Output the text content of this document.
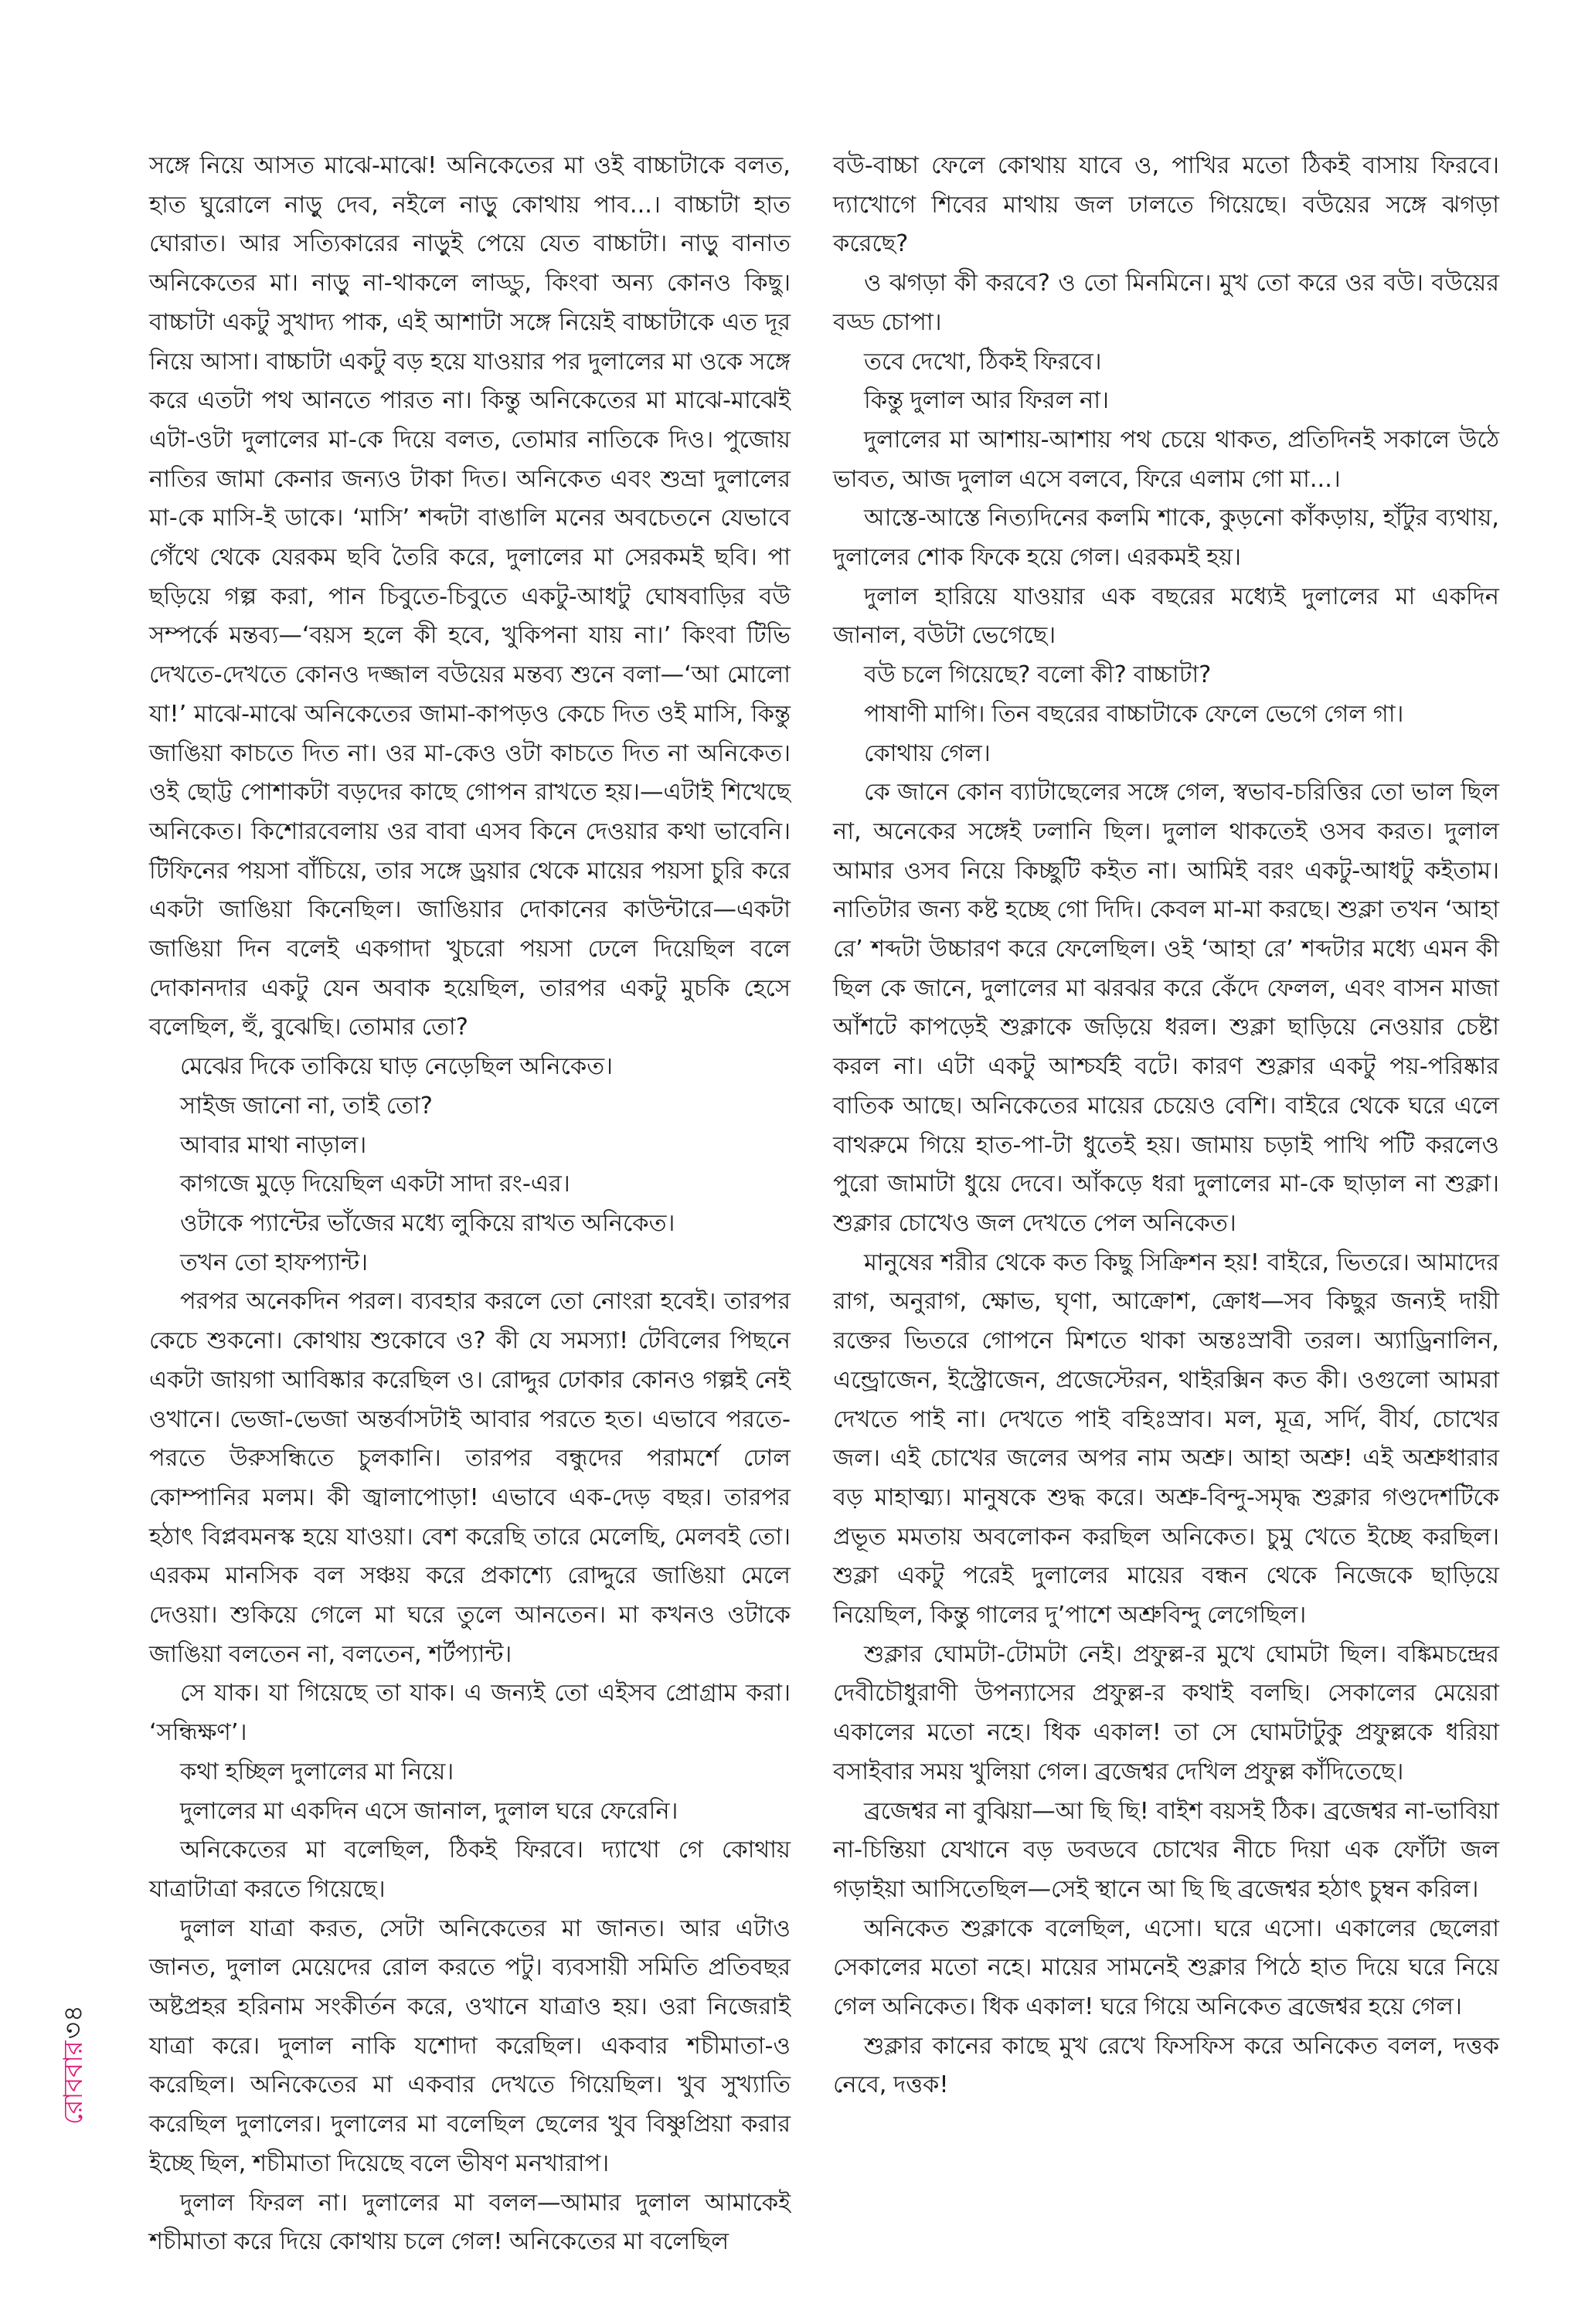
সঙ্গে নিয়ে আসত মাঝে-মাঝে! অনিকেতের মা ওই বাচ্চাটাকে বলত, হাত ঘুরোলে নাড়ু দেব, নইলে নাড়ু কোথায় পাব...। বাচ্চাটা হাত ঘোরাত। আর সত্যিকারের নাড়ুই পেয়ে যেত বাচ্চাটা। নাড়ু বানাত অনিকেতের মা। নাড়ু না-থাকলে লাড্ডু, কিংবা অন্য কোনও কিছু। বাচ্চাটা একটু সুখাদ্য পাক, এই আশাটা সঙ্গে নিয়েই বাচ্চাটাকে এত দূর নিয়ে আসা। বাচ্চাটা একটু বড় হয়ে যাওয়ার পর দুলালের মা ওকে সঙ্গে করে এতটা পথ আনতে পারত না। কিন্তু অনিকেতের মা মাঝে-মাঝেই এটা-ওটা দুলালের মা-কে দিয়ে বলত, তোমার নাতিকে দিও। পুজোয় নাতির জামা কেনার জন্যও টাকা দিত। অনিকেত এবং শুভ্রা দুলালের মা-কে মাসি-ই ডাকে। ‘মাসি’ শব্দটা বাঙালি মনের অবচেতনে যেভাবে গেঁথে থেকে যেরকম ছবি তৈরি করে, দুলালের মা সেরকমই ছবি। পা ছড়িয়ে গল্প করা, পান চিবুতে-চিবুতে একটু-আধটু ঘোষবাড়ির বউ সম্পর্কে মন্তব্য—‘বয়স হলে কী হবে, খুকিপনা যায় না।’ কিংবা টিভি দেখতে-দেখতে কোনও দজ্জাল বউয়ের মন্তব্য শুনে বলা—‘আ মোলো যা!’ মাঝে-মাঝে অনিকেতের জামা-কাপড়ও কেচে দিত ওই মাসি, কিন্তু জাঙিয়া কাচতে দিত না। ওর মা-কেও ওটা কাচতে দিত না অনিকেত। ওই ছোট্ট পোশাকটা বড়দের কাছে গোপন রাখতে হয়।—এটাই শিখেছে অনিকেত। কিশোরবেলায় ওর বাবা এসব কিনে দেওয়ার কথা ভাবেনি। টিফিনের পয়সা বাঁচিয়ে, তার সঙ্গে ড্রয়ার থেকে মায়ের পয়সা চুরি করে একটা জাঙিয়া কিনেছিল। জাঙিয়ার দোকানের কাউন্টারে—একটা জাঙিয়া দিন বলেই একগাদা খুচরো পয়সা ঢেলে দিয়েছিল বলে দোকানদার একটু যেন অবাক হয়েছিল, তারপর একটু মুচকি হেসে বলেছিল, হুঁ, বুঝেছি। তোমার তো?

মেঝের দিকে তাকিয়ে ঘাড় নেড়েছিল অনিকেত।

সাইজ জানো না, তাই তো?

আবার মাথা নাড়াল।

কাগজে মুড়ে দিয়েছিল একটা সাদা রং-এর।

ওটাকে প্যান্টের ভাঁজের মধ্যে লুকিয়ে রাখত অনিকেত।

তখন তো হাফপ্যান্ট।

পরপর অনেকদিন পরল। ব্যবহার করলে তো নোংরা হবেই। তারপর কেচে শুকনো। কোথায় শুকোবে ও? কী যে সমস্যা! টেবিলের পিছনে একটা জায়গা আবিষ্কার করেছিল ও। রোদ্দুর ঢোকার কোনও গল্পই নেই ওখানে। ভেজা-ভেজা অন্তর্বাসটাই আবার পরতে হত। এভাবে পরতে-পরতে উরুসন্ধিতে চুলকানি। তারপর বন্ধুদের পরামর্শে ঢোল কোম্পানির মলম। কী জ্বালাপোড়া! এভাবে এক-দেড় বছর। তারপর হঠাৎ বিপ্লবমনস্ক হয়ে যাওয়া। বেশ করেছি তারে মেলেছি, মেলবই তো। এরকম মানসিক বল সঞ্চয় করে প্রকাশ্যে রোদ্দুরে জাঙিয়া মেলে দেওয়া। শুকিয়ে গেলে মা ঘরে তুলে আনতেন। মা কখনও ওটাকে জাঙিয়া বলতেন না, বলতেন, শর্টপ্যান্ট।

সে যাক। যা গিয়েছে তা যাক। এ জন্যই তো এইসব প্রোগ্রাম করা। ‘সন্ধিক্ষণ’।

কথা হচ্ছিল দুলালের মা নিয়ে।

দুলালের মা একদিন এসে জানাল, দুলাল ঘরে ফেরেনি।

অনিকেতের মা বলেছিল, ঠিকই ফিরবে। দ্যাখো গে কোথায় যাত্রাটাত্রা করতে গিয়েছে।

দুলাল যাত্রা করত, সেটা অনিকেতের মা জানত। আর এটাও জানত, দুলাল মেয়েদের রোল করতে পটু। ব্যবসায়ী সমিতি প্রতিবছর অষ্টপ্রহর হরিনাম সংকীর্তন করে, ওখানে যাত্রাও হয়। ওরা নিজেরাই যাত্রা করে। দুলাল নাকি যশোদা করেছিল। একবার শচীমাতা-ও করেছিল। অনিকেতের মা একবার দেখতে গিয়েছিল। খুব সুখ্যাতি করেছিল দুলালের। দুলালের মা বলেছিল ছেলের খুব বিষ্ণুপ্রিয়া করার ইচ্ছে ছিল, শচীমাতা দিয়েছে বলে ভীষণ মনখারাপ।

দুলাল ফিরল না। দুলালের মা বলল—আমার দুলাল আমাকেই শচীমাতা করে দিয়ে কোথায় চলে গেল! অনিকেতের মা বলেছিল

বউ-বাচ্চা ফেলে কোথায় যাবে ও, পাখির মতো ঠিকই বাসায় ফিরবে। দ্যাখোগে শিবের মাথায় জল ঢালতে গিয়েছে। বউয়ের সঙ্গে ঝগড়া করেছে?

ও ঝগড়া কী করবে? ও তো মিনমিনে। মুখ তো করে ওর বউ। বউয়ের বড্ড চোপা।

তবে দেখো, ঠিকই ফিরবে।

কিন্তু দুলাল আর ফিরল না।

দুলালের মা আশায়-আশায় পথ চেয়ে থাকত, প্রতিদিনই সকালে উঠে ভাবত, আজ দুলাল এসে বলবে, ফিরে এলাম গো মা...।

আস্তে-আস্তে নিত্যদিনের কলমি শাকে, কুড়নো কাঁকড়ায়, হাঁটুর ব্যথায়, দুলালের শোক ফিকে হয়ে গেল। এরকমই হয়।

দুলাল হারিয়ে যাওয়ার এক বছরের মধ্যেই দুলালের মা একদিন জানাল, বউটা ভেগেছে।

বউ চলে গিয়েছে? বলো কী? বাচ্চাটা?

পাষাণী মাগি। তিন বছরের বাচ্চাটাকে ফেলে ভেগে গেল গা।

কোথায় গেল।

কে জানে কোন ব্যাটাছেলের সঙ্গে গেল, স্বভাব-চরিত্তির তো ভাল ছিল না, অনেকের সঙ্গেই ঢলানি ছিল। দুলাল থাকতেই ওসব করত। দুলাল আমার ওসব নিয়ে কিচ্ছুটি কইত না। আমিই বরং একটু-আধটু কইতাম। নাতিটার জন্য কষ্ট হচ্ছে গো দিদি। কেবল মা-মা করছে। শুক্লা তখন ‘আহা রে’ শব্দটা উচ্চারণ করে ফেলেছিল। ওই ‘আহা রে’ শব্দটার মধ্যে এমন কী ছিল কে জানে, দুলালের মা ঝরঝর করে কেঁদে ফেলল, এবং বাসন মাজা আঁশটে কাপড়েই শুক্লাকে জড়িয়ে ধরল। শুক্লা ছাড়িয়ে নেওয়ার চেষ্টা করল না। এটা একটু আশ্চর্যই বটে। কারণ শুক্লার একটু পয়-পরিষ্কার বাতিক আছে। অনিকেতের মায়ের চেয়েও বেশি। বাইরে থেকে ঘরে এলে বাথরুমে গিয়ে হাত-পা-টা ধুতেই হয়। জামায় চড়াই পাখি পটি করলেও পুরো জামাটা ধুয়ে দেবে। আঁকড়ে ধরা দুলালের মা-কে ছাড়াল না শুক্লা। শুক্লার চোখেও জল দেখতে পেল অনিকেত।

মানুষের শরীর থেকে কত কিছু সিক্রিশন হয়! বাইরে, ভিতরে। আমাদের রাগ, অনুরাগ, ক্ষোভ, ঘৃণা, আক্রোশ, ক্রোধ—সব কিছুর জন্যই দায়ী রক্তের ভিতরে গোপনে মিশতে থাকা অন্তঃস্রাবী তরল। অ্যাড্রিনালিন, এন্ড্রোজেন, ইস্ট্রোজেন, প্রজেস্টেরন, থাইরক্সিন কত কী। ওগুলো আমরা দেখতে পাই না। দেখতে পাই বহিঃস্রাব। মল, মূত্র, সর্দি, বীর্য, চোখের জল। এই চোখের জলের অপর নাম অশ্রু। আহা অশ্রু! এই অশ্রুধারার বড় মাহাত্ম্য। মানুষকে শুদ্ধ করে। অশ্রু-বিন্দু-সমৃদ্ধ শুক্লার গণ্ডদেশটিকে প্রভূত মমতায় অবলোকন করছিল অনিকেত। চুমু খেতে ইচ্ছে করছিল। শুক্লা একটু পরেই দুলালের মায়ের বন্ধন থেকে নিজেকে ছাড়িয়ে নিয়েছিল, কিন্তু গালের দু’পাশে অশ্রুবিন্দু লেগেছিল।

শুক্লার ঘোমটা-টোমটা নেই। প্রফুল্ল-র মুখে ঘোমটা ছিল। বঙ্কিমচন্দ্রের দেবীচৌধুরাণী উপন্যাসের প্রফুল্ল-র কথাই বলছি। সেকালের মেয়েরা একালের মতো নহে। ধিক একাল! তা সে ঘোমটাটুকু প্রফুল্লকে ধরিয়া বসাইবার সময় খুলিয়া গেল। ব্রজেশ্বর দেখিল প্রফুল্ল কাঁদিতেছে।

ব্রজেশ্বর না বুঝিয়া—আ ছি ছি! বাইশ বয়সই ঠিক। ব্রজেশ্বর না-ভাবিয়া না-চিন্তিয়া যেখানে বড় ডবডবে চোখের নীচে দিয়া এক ফোঁটা জল গড়াইয়া আসিতেছিল—সেই স্থানে আ ছি ছি ব্রজেশ্বর হঠাৎ চুম্বন করিল।

অনিকেত শুক্লাকে বলেছিল, এসো। ঘরে এসো। একালের ছেলেরা সেকালের মতো নহে। মায়ের সামনেই শুক্লার পিঠে হাত দিয়ে ঘরে নিয়ে গেল অনিকেত। ধিক একাল! ঘরে গিয়ে অনিকেত ব্রজেশ্বর হয়ে গেল।

শুক্লার কানের কাছে মুখ রেখে ফিসফিস করে অনিকেত বলল, দত্তক নেবে, দত্তক!

রোববার৩৪
